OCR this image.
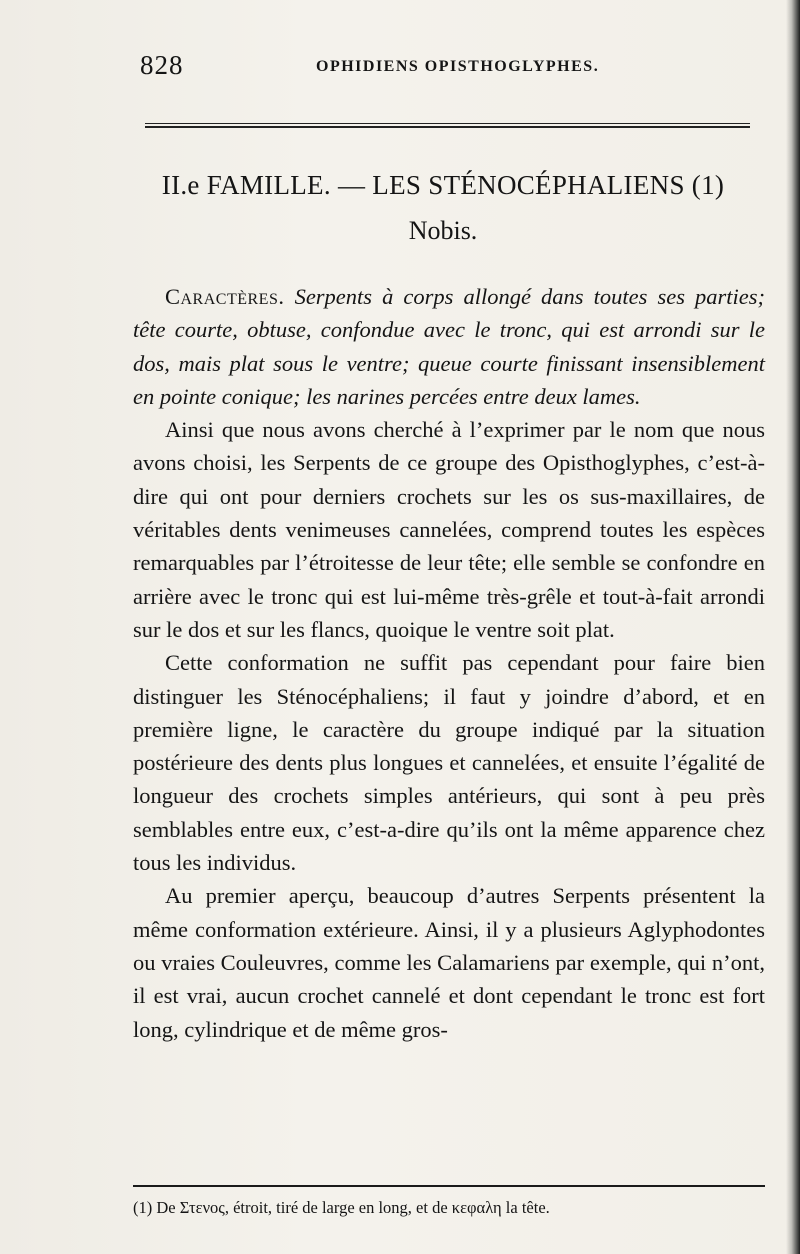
828	OPHIDIENS OPISTHOGLYPHES.
II.e FAMILLE. — LES STÉNOCÉPHALIENS (1)
Nobis.

Caractères. Serpents à corps allongé dans toutes ses parties; tête courte, obtuse, confondue avec le tronc, qui est arrondi sur le dos, mais plat sous le ventre; queue courte finissant insensiblement en pointe conique; les narines percées entre deux lames.

Ainsi que nous avons cherché à l’exprimer par le nom que nous avons choisi, les Serpents de ce groupe des Opisthoglyphes, c’est-à-dire qui ont pour derniers crochets sur les os sus-maxillaires, de véritables dents venimeuses cannelées, comprend toutes les espèces remarquables par l’étroitesse de leur tête; elle semble se confondre en arrière avec le tronc qui est lui-même très-grêle et tout-à-fait arrondi sur le dos et sur les flancs, quoique le ventre soit plat.

Cette conformation ne suffit pas cependant pour faire bien distinguer les Sténocéphaliens; il faut y joindre d’abord, et en première ligne, le caractère du groupe indiqué par la situation postérieure des dents plus longues et cannelées, et ensuite l’égalité de longueur des crochets simples antérieurs, qui sont à peu près semblables entre eux, c’est-a-dire qu’ils ont la même apparence chez tous les individus.

Au premier aperçu, beaucoup d’autres Serpents présentent la même conformation extérieure. Ainsi, il y a plusieurs Aglyphodontes ou vraies Couleuvres, comme les Calamariens par exemple, qui n’ont, il est vrai, aucun crochet cannelé et dont cependant le tronc est fort long, cylindrique et de même gros-

(1) De Στενος, étroit, tiré de large en long, et de κεφαλη la tête.
